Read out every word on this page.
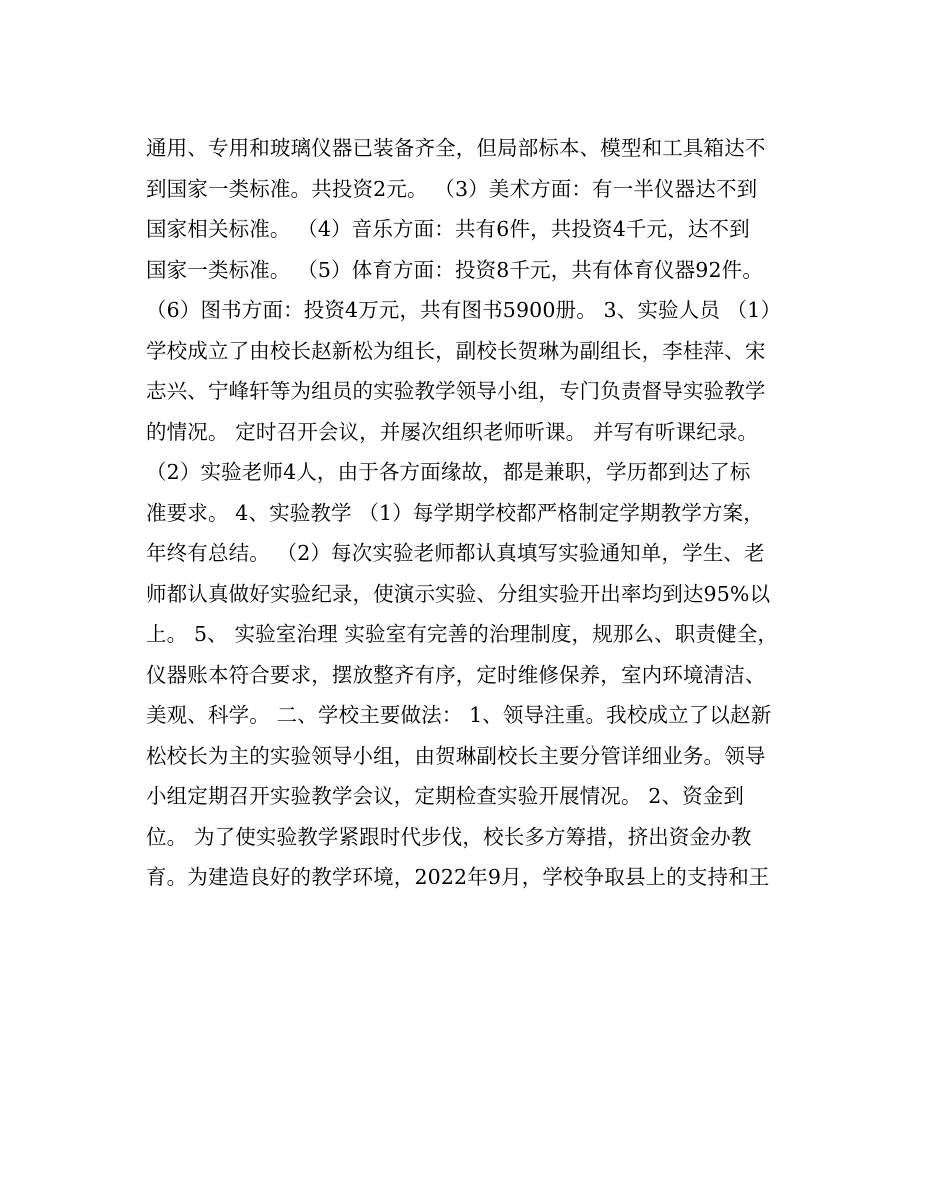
通用、专用和玻璃仪器已装备齐全，但局部标本、模型和工具箱达不
到国家一类标准。共投资2元。 （3）美术方面：有一半仪器达不到
国家相关标准。 （4）音乐方面：共有6件，共投资4千元，达不到
国家一类标准。 （5）体育方面：投资8千元，共有体育仪器92件。
（6）图书方面：投资4万元，共有图书5900册。 3、实验人员 （1）
学校成立了由校长赵新松为组长，副校长贺琳为副组长，李桂萍、宋
志兴、宁峰轩等为组员的实验教学领导小组，专门负责督导实验教学
的情况。 定时召开会议，并屡次组织老师听课。 并写有听课纪录。
（2）实验老师4人，由于各方面缘故，都是兼职，学历都到达了标
准要求。 4、实验教学 （1）每学期学校都严格制定学期教学方案，
年终有总结。 （2）每次实验老师都认真填写实验通知单，学生、老
师都认真做好实验纪录，使演示实验、分组实验开出率均到达95%以
上。 5、 实验室治理 实验室有完善的治理制度，规那么、职责健全，
仪器账本符合要求，摆放整齐有序，定时维修保养，室内环境清洁、
美观、科学。 二、学校主要做法： 1、领导注重。我校成立了以赵新
松校长为主的实验领导小组，由贺琳副校长主要分管详细业务。领导
小组定期召开实验教学会议，定期检查实验开展情况。 2、资金到
位。 为了使实验教学紧跟时代步伐，校长多方筹措，挤出资金办教
育。为建造良好的教学环境，2022年9月，学校争取县上的支持和王
